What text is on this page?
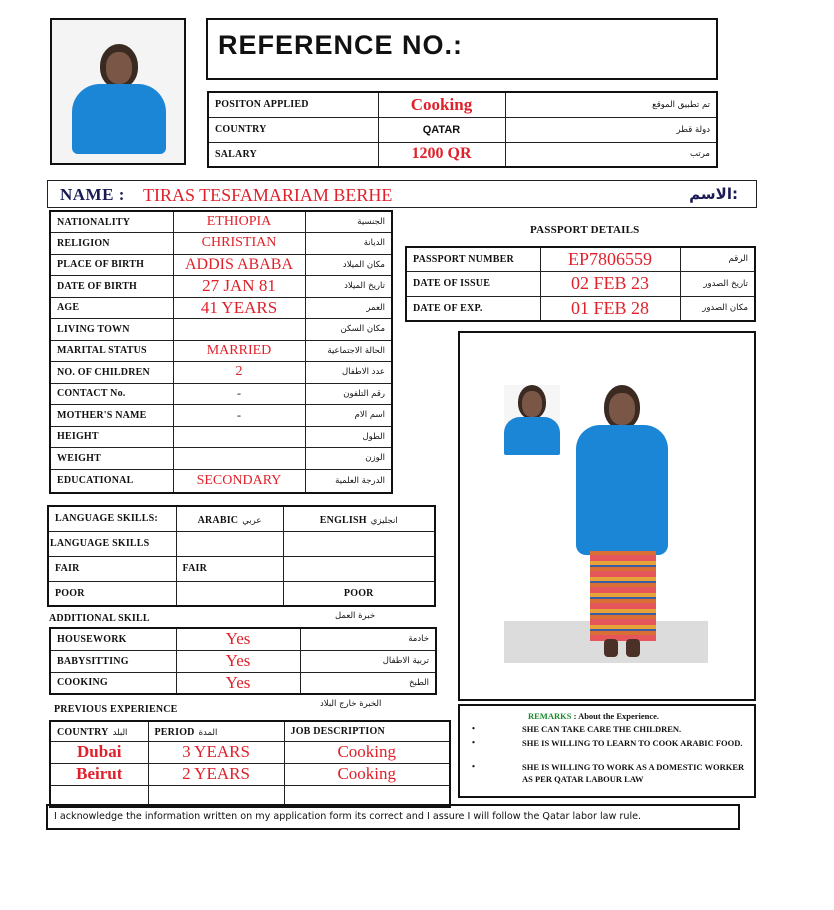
REFERENCE NO.:
POSITON APPLIED	Cooking	تم تطبيق الموقع
COUNTRY	QATAR	دولة قطر
SALARY	1200 QR	مرتب
NAME : TIRAS TESFAMARIAM BERHE	:الاسم
NATIONALITY	ETHIOPIA	الجنسية
RELIGION	CHRISTIAN	الديانة
PLACE OF BIRTH	ADDIS ABABA	مكان الميلاد
DATE OF BIRTH	27 JAN 81	تاريخ الميلاد
AGE	41 YEARS	العمر
LIVING TOWN		مكان السكن
MARITAL STATUS	MARRIED	الحالة الاجتماعية
NO. OF CHILDREN	2	عدد الاطفال
CONTACT No.	-	رقم التلفون
MOTHER'S NAME	-	اسم الام
HEIGHT		الطول
WEIGHT		الوزن
EDUCATIONAL	SECONDARY	الدرجة العلمية
PASSPORT DETAILS
PASSPORT NUMBER	EP7806559	الرقم
DATE OF ISSUE	02 FEB 23	تاريخ الصدور
DATE OF EXP.	01 FEB 28	مكان الصدور
LANGUAGE SKILLS:	ARABIC عربي	ENGLISH انجليزي
LANGUAGE SKILLS		
FAIR	FAIR	
POOR		POOR
ADDITIONAL SKILL	خبرة العمل
HOUSEWORK	Yes	خادمة
BABYSITTING	Yes	تربية الاطفال
COOKING	Yes	الطبخ
PREVIOUS EXPERIENCE	الخبرة خارج البلاد
COUNTRY البلد	PERIOD المدة	JOB DESCRIPTION
Dubai	3 YEARS	Cooking
Beirut	2 YEARS	Cooking

REMARKS : About the Experience.
•	SHE CAN TAKE CARE THE CHILDREN.
•	SHE IS WILLING TO LEARN TO COOK ARABIC FOOD.
•	SHE IS WILLING TO WORK AS A DOMESTIC WORKER AS PER QATAR LABOUR LAW
I acknowledge the information written on my application form its correct and I assure I will follow the Qatar labor law rule.
